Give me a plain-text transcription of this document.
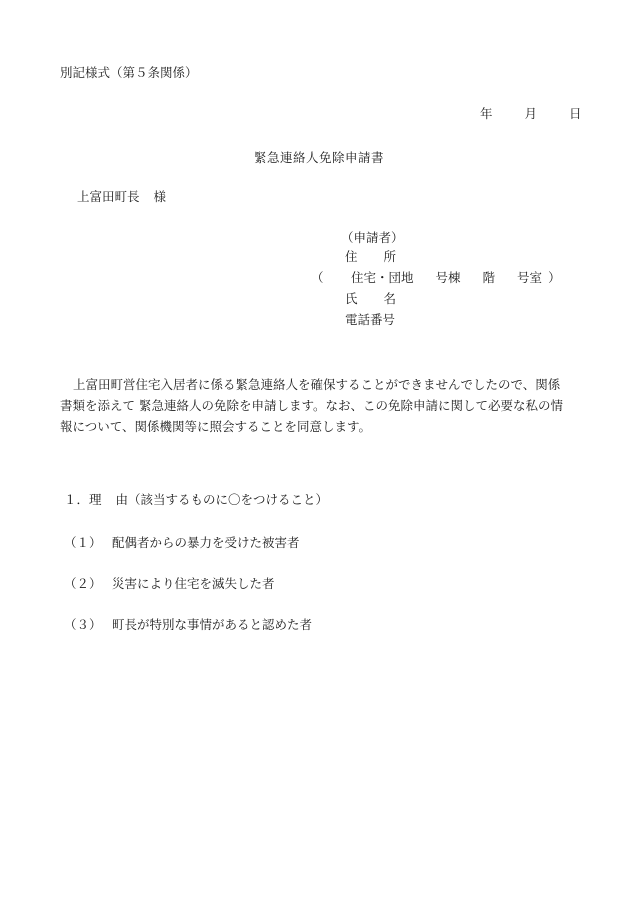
別記様式（第５条関係）
年	月	日
緊急連絡人免除申請書
上富田町長 様
（申請者）
住 所
（ 住宅・団地 号棟 階 号室 ）
氏 名
電話番号
上富田町営住宅入居者に係る緊急連絡人を確保することができませんでしたので、関係書類を添えて 緊急連絡人の免除を申請します。なお、この免除申請に関して必要な私の情報について、関係機関等に照会することを同意します。
１．理 由（該当するものに〇をつけること）
（１） 配偶者からの暴力を受けた被害者
（２） 災害により住宅を滅失した者
（３） 町長が特別な事情があると認めた者
